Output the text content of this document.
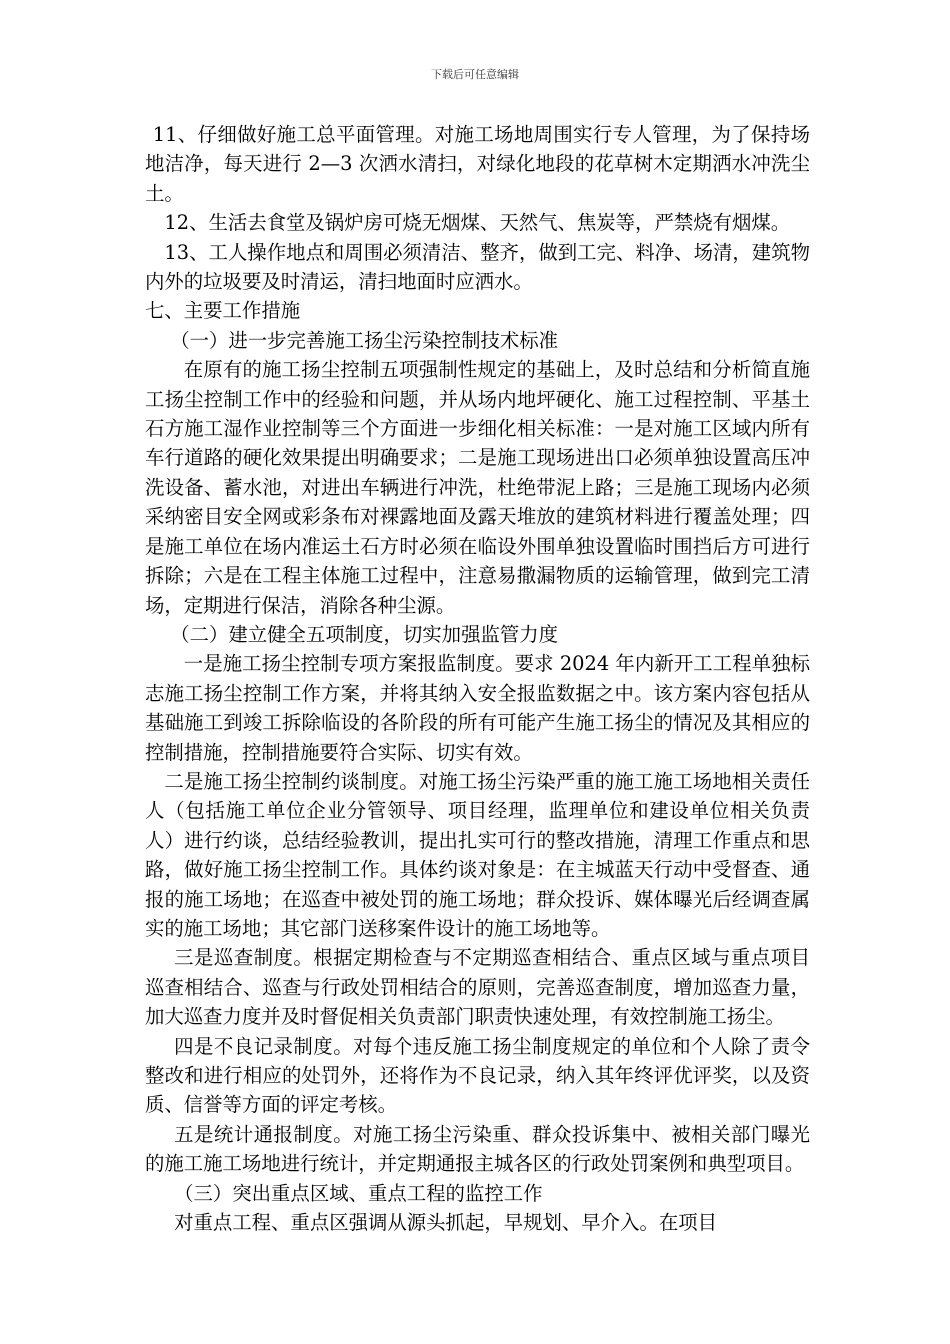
下载后可任意编辑

11、仔细做好施工总平面管理。对施工场地周围实行专人管理，为了保持场地洁净，每天进行 2—3 次洒水清扫，对绿化地段的花草树木定期洒水冲洗尘土。

12、生活去食堂及锅炉房可烧无烟煤、天然气、焦炭等，严禁烧有烟煤。

13、工人操作地点和周围必须清洁、整齐，做到工完、料净、场清，建筑物内外的垃圾要及时清运，清扫地面时应洒水。

七、主要工作措施

（一）进一步完善施工扬尘污染控制技术标准

在原有的施工扬尘控制五项强制性规定的基础上，及时总结和分析简直施工扬尘控制工作中的经验和问题，并从场内地坪硬化、施工过程控制、平基土石方施工湿作业控制等三个方面进一步细化相关标准：一是对施工区域内所有车行道路的硬化效果提出明确要求；二是施工现场进出口必须单独设置高压冲洗设备、蓄水池，对进出车辆进行冲洗，杜绝带泥上路；三是施工现场内必须采纳密目安全网或彩条布对裸露地面及露天堆放的建筑材料进行覆盖处理；四是施工单位在场内准运土石方时必须在临设外围单独设置临时围挡后方可进行拆除；六是在工程主体施工过程中，注意易撒漏物质的运输管理，做到完工清场，定期进行保洁，消除各种尘源。

（二）建立健全五项制度，切实加强监管力度

一是施工扬尘控制专项方案报监制度。要求 2024 年内新开工工程单独标志施工扬尘控制工作方案，并将其纳入安全报监数据之中。该方案内容包括从基础施工到竣工拆除临设的各阶段的所有可能产生施工扬尘的情况及其相应的控制措施，控制措施要符合实际、切实有效。

二是施工扬尘控制约谈制度。对施工扬尘污染严重的施工施工场地相关责任人（包括施工单位企业分管领导、项目经理，监理单位和建设单位相关负责人）进行约谈，总结经验教训，提出扎实可行的整改措施，清理工作重点和思路，做好施工扬尘控制工作。具体约谈对象是：在主城蓝天行动中受督查、通报的施工场地；在巡查中被处罚的施工场地；群众投诉、媒体曝光后经调查属实的施工场地；其它部门送移案件设计的施工场地等。

三是巡查制度。根据定期检查与不定期巡查相结合、重点区域与重点项目巡查相结合、巡查与行政处罚相结合的原则，完善巡查制度，增加巡查力量，加大巡查力度并及时督促相关负责部门职责快速处理，有效控制施工扬尘。

四是不良记录制度。对每个违反施工扬尘制度规定的单位和个人除了责令整改和进行相应的处罚外，还将作为不良记录，纳入其年终评优评奖，以及资质、信誉等方面的评定考核。

五是统计通报制度。对施工扬尘污染重、群众投诉集中、被相关部门曝光的施工施工场地进行统计，并定期通报主城各区的行政处罚案例和典型项目。

（三）突出重点区域、重点工程的监控工作

对重点工程、重点区强调从源头抓起，早规划、早介入。在项目
